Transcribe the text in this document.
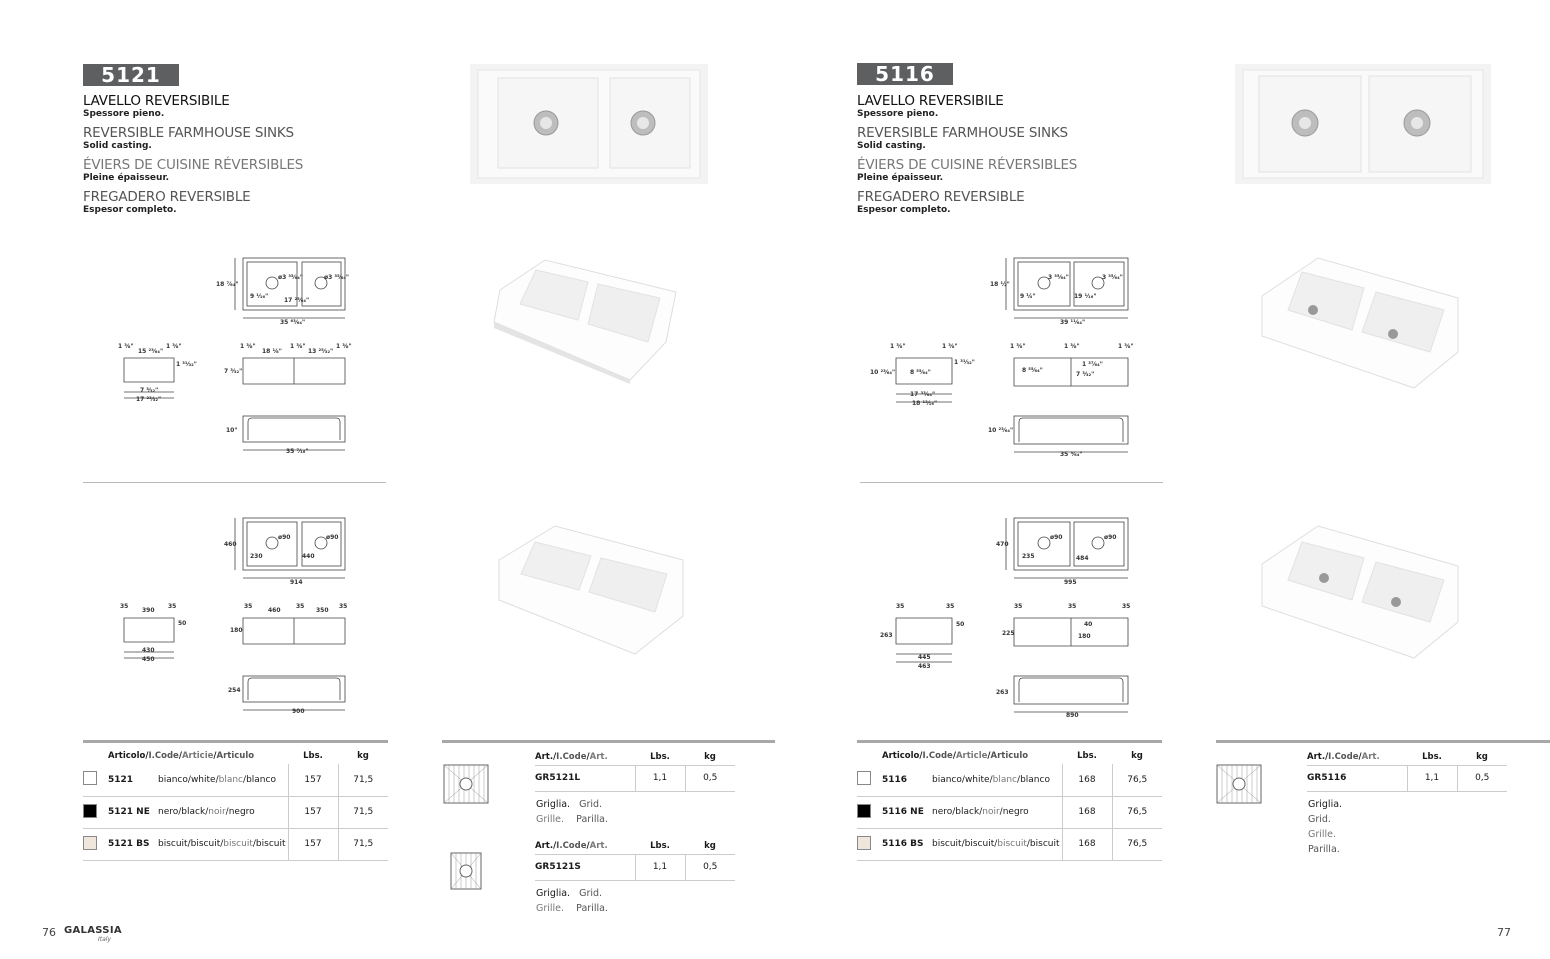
5121
LAVELLO REVERSIBILE
Spessore pieno.
REVERSIBLE FARMHOUSE SINKS
Solid casting.
ÉVIERS DE CUISINE RÉVERSIBLES
Pleine épaisseur.
FREGADERO REVERSIBLE
Espesor completo.
18 ⁷⁄₆₄"
ø3 ³⁵⁄₆₄"	ø3 ³⁵⁄₆₄"
9 ¹⁄₁₆"
17 ²³⁄₆₄"
35 ⁶³⁄₆₄"
1 ³⁄₈"
15 ²³⁄₆₄"
1 ³⁄₈"	1 ³⁄₈"
18 ¹⁄₈"
1 ³⁄₈"
13 ²⁵⁄₃₂"
1 ³⁄₈"
1 ³¹⁄₃₂"
7 ³⁄₃₂"
7 ³⁄₃₂"
17 ²³⁄₃₂"
10"
35 ⁷⁄₁₆"
460
ø90	ø90
230	440
914
35
390
35	35
460
35
350
35
50
180
430
450
254
900
	Articolo/I.Code/Articie/Articulo		Lbs.	kg
	5121	bianco/white/blanc/blanco	157	71,5
	5121 NE	nero/black/noir/negro	157	71,5
	5121 BS	biscuit/biscuit/biscuit/biscuit	157	71,5
Art./I.Code/Art.	Lbs.	kg
GR5121L	1,1	0,5
Griglia. Grid.
Grille. Parilla.
Art./I.Code/Art.	Lbs.	kg
GR5121S	1,1	0,5
Griglia. Grid.
Grille. Parilla.
76 GALASSIA
Italy
5116
LAVELLO REVERSIBILE
Spessore pieno.
REVERSIBLE FARMHOUSE SINKS
Solid casting.
ÉVIERS DE CUISINE RÉVERSIBLES
Pleine épaisseur.
FREGADERO REVERSIBLE
Espesor completo.
18 ½"
3 ³⁵⁄₆₄"	3 ³⁵⁄₆₄"
9 ¼"	19 ¹⁄₁₆"
39 ¹¹⁄₆₄"
1 ³⁄₈"	1 ³⁄₈"	1 ³⁄₈"	1 ³⁄₈"	1 ³⁄₈"
1 ³¹⁄₃₂"
8 ⁵⁵⁄₆₄"
1 ³⁷⁄₆₄"
8 ⁵⁵⁄₆₄"
7 ³⁄₃₂"
10 ²³⁄₆₄"
17 ³³⁄₆₄"
18 ¹³⁄₁₆"
10 ²³⁄₆₄"
35 ³⁄₆₄"
470
ø90	ø90
235	484
995
35	35	35	35	35
50
225
40
180
263
445
463
263
890
	Articolo/I.Code/Article/Articulo		Lbs.	kg
	5116	bianco/white/blanc/blanco	168	76,5
	5116 NE	nero/black/noir/negro	168	76,5
	5116 BS	biscuit/biscuit/biscuit/biscuit	168	76,5
Art./I.Code/Art.	Lbs.	kg
GR5116	1,1	0,5
Griglia.
Grid.
Grille.
Parilla.
77
